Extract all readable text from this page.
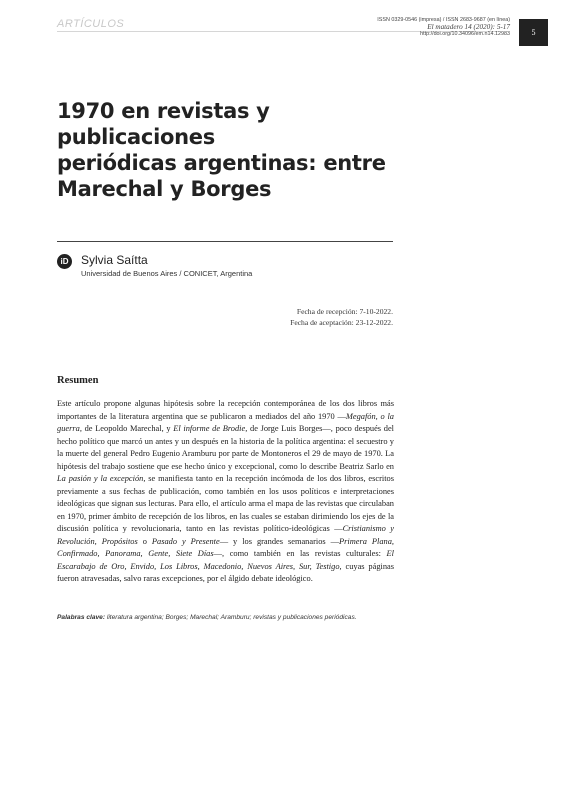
ARTÍCULOS	ISSN 0329-0546 (impresa) / ISSN 2683-9687 (en línea)
El matadero 14 (2020): 5-17
http://doi.org/10.34096/em.n14.12983	5
1970 en revistas y publicaciones
periódicas argentinas: entre
Marechal y Borges
iD Sylvia Saítta
Universidad de Buenos Aires / CONICET, Argentina
Fecha de recepción: 7-10-2022.
Fecha de aceptación: 23-12-2022.
Resumen

Este artículo propone algunas hipótesis sobre la recepción contemporánea de los dos libros más importantes de la literatura argentina que se publicaron a mediados del año 1970 —Megafón, o la guerra, de Leopoldo Marechal, y El informe de Brodie, de Jorge Luis Borges—, poco después del hecho político que marcó un antes y un después en la historia de la política argentina: el secuestro y la muerte del general Pedro Eugenio Aramburu por parte de Montoneros el 29 de mayo de 1970. La hipótesis del trabajo sostiene que ese hecho único y excepcional, como lo describe Beatriz Sarlo en La pasión y la excepción, se manifiesta tanto en la recepción incómoda de los dos libros, escritos previamente a sus fechas de publicación, como también en los usos políticos e interpretaciones ideológicas que signan sus lecturas. Para ello, el artículo arma el mapa de las revistas que circulaban en 1970, primer ámbito de recepción de los libros, en las cuales se estaban dirimiendo los ejes de la discusión política y revolucionaria, tanto en las revistas político-ideológicas —Cristianismo y Revolución, Propósitos o Pasado y Presente— y los grandes semanarios —Primera Plana, Confirmado, Panorama, Gente, Siete Días—, como también en las revistas culturales: El Escarabajo de Oro, Envido, Los Libros, Macedonio, Nuevos Aires, Sur, Testigo, cuyas páginas fueron atravesadas, salvo raras excepciones, por el álgido debate ideológico.

Palabras clave: literatura argentina; Borges; Marechal; Aramburu; revistas y publicaciones periódicas.
